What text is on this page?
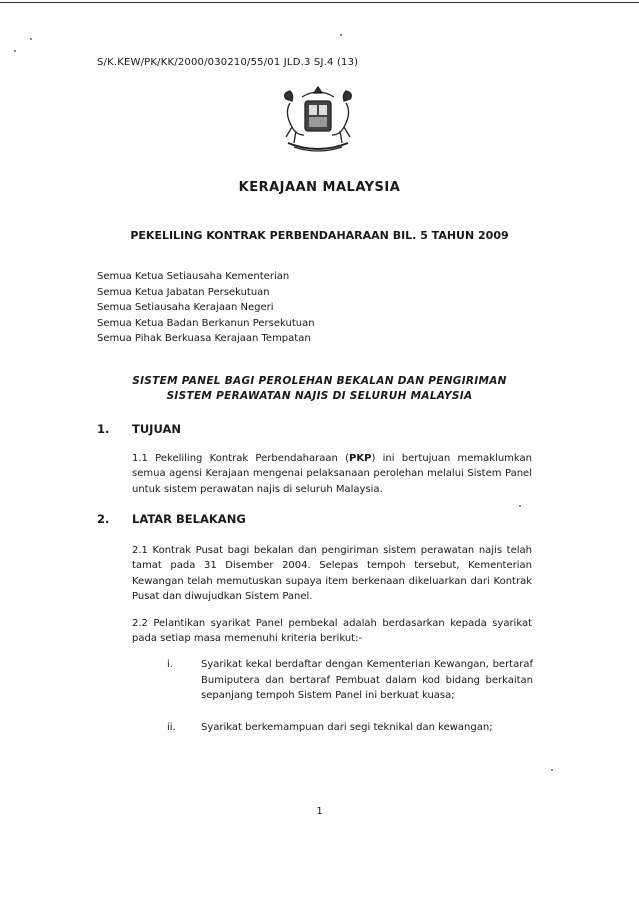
S/K.KEW/PK/KK/2000/030210/55/01 JLD.3 SJ.4 (13)
KERAJAAN MALAYSIA
PEKELILING KONTRAK PERBENDAHARAAN BIL. 5 TAHUN 2009
Semua Ketua Setiausaha Kementerian
Semua Ketua Jabatan Persekutuan
Semua Setiausaha Kerajaan Negeri
Semua Ketua Badan Berkanun Persekutuan
Semua Pihak Berkuasa Kerajaan Tempatan
SISTEM PANEL BAGI PEROLEHAN BEKALAN DAN PENGIRIMAN
SISTEM PERAWATAN NAJIS DI SELURUH MALAYSIA
1. TUJUAN

1.1 Pekeliling Kontrak Perbendaharaan (PKP) ini bertujuan memaklumkan semua agensi Kerajaan mengenai pelaksanaan perolehan melalui Sistem Panel untuk sistem perawatan najis di seluruh Malaysia.

2. LATAR BELAKANG

2.1 Kontrak Pusat bagi bekalan dan pengiriman sistem perawatan najis telah tamat pada 31 Disember 2004. Selepas tempoh tersebut, Kementerian Kewangan telah memutuskan supaya item berkenaan dikeluarkan dari Kontrak Pusat dan diwujudkan Sistem Panel.

2.2 Pelantikan syarikat Panel pembekal adalah berdasarkan kepada syarikat pada setiap masa memenuhi kriteria berikut:-

i.	Syarikat kekal berdaftar dengan Kementerian Kewangan, bertaraf Bumiputera dan bertaraf Pembuat dalam kod bidang berkaitan sepanjang tempoh Sistem Panel ini berkuat kuasa;
ii.	Syarikat berkemampuan dari segi teknikal dan kewangan;
1
